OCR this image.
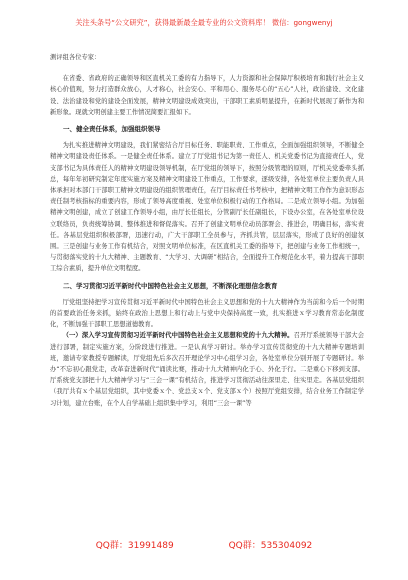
关注头条号“公文研究”，获得最新最全最专业的公文资料库！ 微信：gongwenyj

测评组各位专家：

在省委、省政府的正确领导和区直机关工委的有力指导下，人力资源和社会保障厅积极培育和践行社会主义核心价值观，努力打造群众放心，人才称心，社会安心、平和用心、服务尽心的“五心”人社，政治建设、文化建设、法治建设和党的建设全面发展，精神文明建设成效突出，干部职工素质明显提升，在新时代展现了新作为和新形象。现就文明创建主要工作情况简要汇报如下。

一、健全责任体系，加强组织领导

为扎实推进精神文明建设，我们紧密结合厅目标任务、职能职责、工作重点，全面加强组织领导，不断健全精神文明建设责任体系。一是健全责任体系。建立了厅党组书记为第一责任人、机关党委书记为直接责任人，党支部书记为具体责任人的精神文明建设领导机制，在厅党组的领导下，按照分级管理的原则，厅机关党委牵头抓总，每年年初研究制定年度实施方案及精神文明建设工作重点，工作要求，逐级安排，各处室单位主要负责人具体承担对本部门干部职工精神文明建设的组织管理责任，在厅目标责任书考核中，把精神文明工作作为意识形态责任制考核指标的重要内容，形成了领导高度重视、处室单位积极行动的工作格局。二是成立领导小组。为加强精神文明创建，成立了创建工作领导小组，由厅长任组长，分管副厅长任副组长，下设办公室，在各处室单位设立联络员，负责统筹协调、整体推进和督促落实。召开了创建文明单位动员部署会、推进会，明确目标，落实责任。各基层党组织积极部署，迅速行动，广大干部职工全员参与，齐抓共管，层层落实，形成了良好的创建氛围。三是创建与业务工作有机结合，对照文明单位标准，在区直机关工委的指导下，把创建与业务工作相统一，与贯彻落实党的十九大精神、主题教育、“大学习、大调研”相结合，全面提升工作规范化水平，着力提高干部职工综合素质，提升单位文明程度。

二、学习贯彻习近平新时代中国特色社会主义思想，不断深化理想信念教育

厅党组坚持把学习宣传贯彻习近平新时代中国特色社会主义思想和党的十九大精神作为当前和今后一个时期的首要政治任务来抓，始终在政治上思想上和行动上与党中央保持高度一致，扎实推进ｘ学习教育常态化制度化，不断加强干部职工思想道德教育。

（一）深入学习宣传贯彻习近平新时代中国特色社会主义思想和党的十九大精神。召开厅系统领导干部大会进行部署，制定实施方案，分阶段进行推进。一是认真学习研讨。举办学习宣传贯彻党的十九大精神专题培训班，邀请专家教授专题解读，厅党组先后多次召开理论学习中心组学习会，各处室单位分别开展了专题研讨。举办“不忘初心跟党走，改革奋进新时代”诵读比赛，推动十九大精神内化于心、外化于行。二是重心下移到支部。厅系统党支部把十九大精神学习与“三会一课”有机结合，推进学习贯彻活动往深里走、往实里走。各基层党组织（我厅共有ｘ个基层党组织，其中党委ｘ个、党总支ｘ个、党支部ｘ个）按照厅党组安排，结合业务工作制定学习计划，建立台账，在个人自学基础上组织集中学习，利用“三会一课”等

QQ群：31991489	QQ群：535304092
